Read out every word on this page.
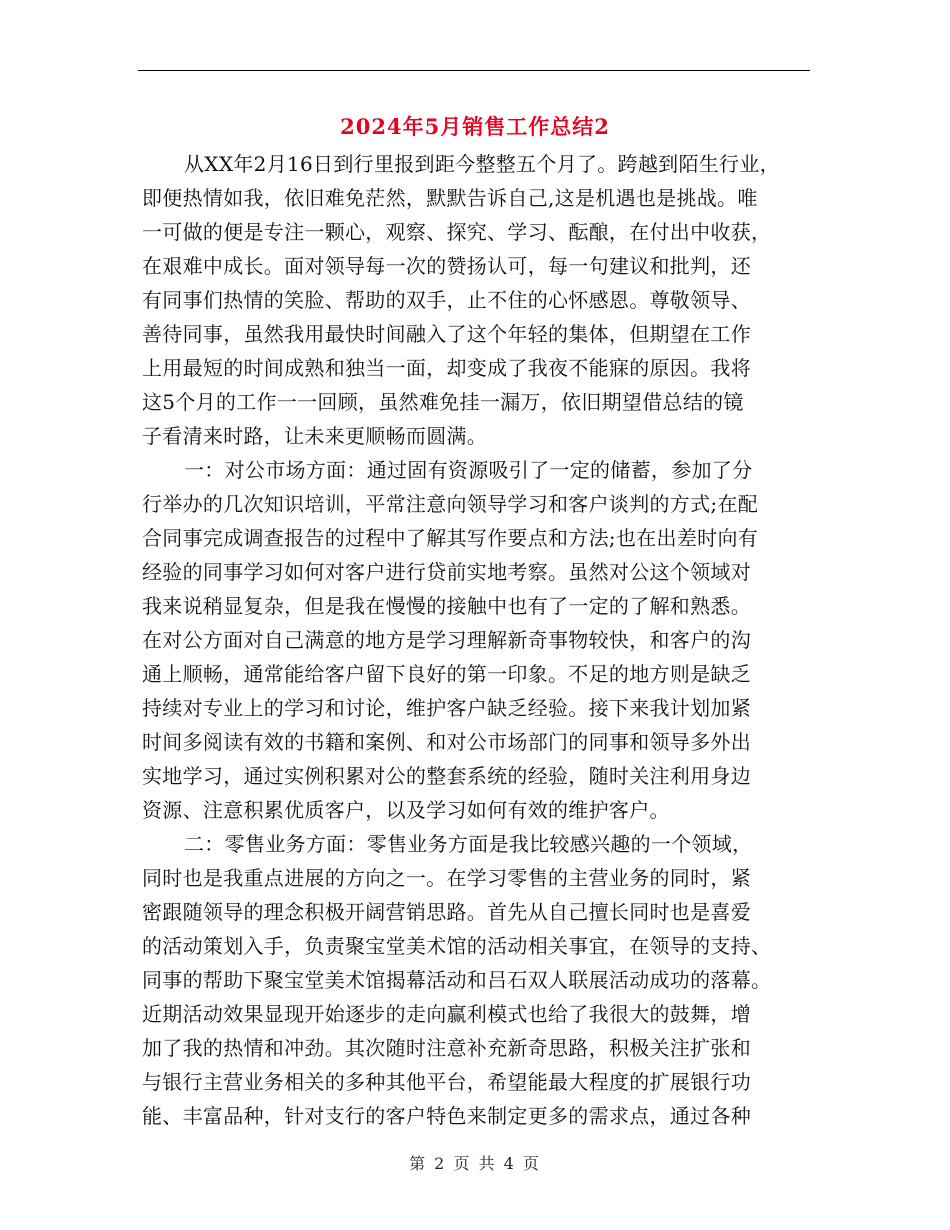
2024年5月销售工作总结2
从XX年2月16日到行里报到距今整整五个月了。跨越到陌生行业，
即便热情如我，依旧难免茫然，默默告诉自己,这是机遇也是挑战。唯
一可做的便是专注一颗心，观察、探究、学习、酝酿，在付出中收获，
在艰难中成长。面对领导每一次的赞扬认可，每一句建议和批判，还
有同事们热情的笑脸、帮助的双手，止不住的心怀感恩。尊敬领导、
善待同事，虽然我用最快时间融入了这个年轻的集体，但期望在工作
上用最短的时间成熟和独当一面，却变成了我夜不能寐的原因。我将
这5个月的工作一一回顾，虽然难免挂一漏万，依旧期望借总结的镜
子看清来时路，让未来更顺畅而圆满。
一：对公市场方面：通过固有资源吸引了一定的储蓄，参加了分
行举办的几次知识培训，平常注意向领导学习和客户谈判的方式;在配
合同事完成调查报告的过程中了解其写作要点和方法;也在出差时向有
经验的同事学习如何对客户进行贷前实地考察。虽然对公这个领域对
我来说稍显复杂，但是我在慢慢的接触中也有了一定的了解和熟悉。
在对公方面对自己满意的地方是学习理解新奇事物较快，和客户的沟
通上顺畅，通常能给客户留下良好的第一印象。不足的地方则是缺乏
持续对专业上的学习和讨论，维护客户缺乏经验。接下来我计划加紧
时间多阅读有效的书籍和案例、和对公市场部门的同事和领导多外出
实地学习，通过实例积累对公的整套系统的经验，随时关注利用身边
资源、注意积累优质客户，以及学习如何有效的维护客户。
二：零售业务方面：零售业务方面是我比较感兴趣的一个领域，
同时也是我重点进展的方向之一。在学习零售的主营业务的同时，紧
密跟随领导的理念积极开阔营销思路。首先从自己擅长同时也是喜爱
的活动策划入手，负责聚宝堂美术馆的活动相关事宜，在领导的支持、
同事的帮助下聚宝堂美术馆揭幕活动和吕石双人联展活动成功的落幕。
近期活动效果显现开始逐步的走向赢利模式也给了我很大的鼓舞，增
加了我的热情和冲劲。其次随时注意补充新奇思路，积极关注扩张和
与银行主营业务相关的多种其他平台，希望能最大程度的扩展银行功
能、丰富品种，针对支行的客户特色来制定更多的需求点，通过各种
第 2 页 共 4 页
